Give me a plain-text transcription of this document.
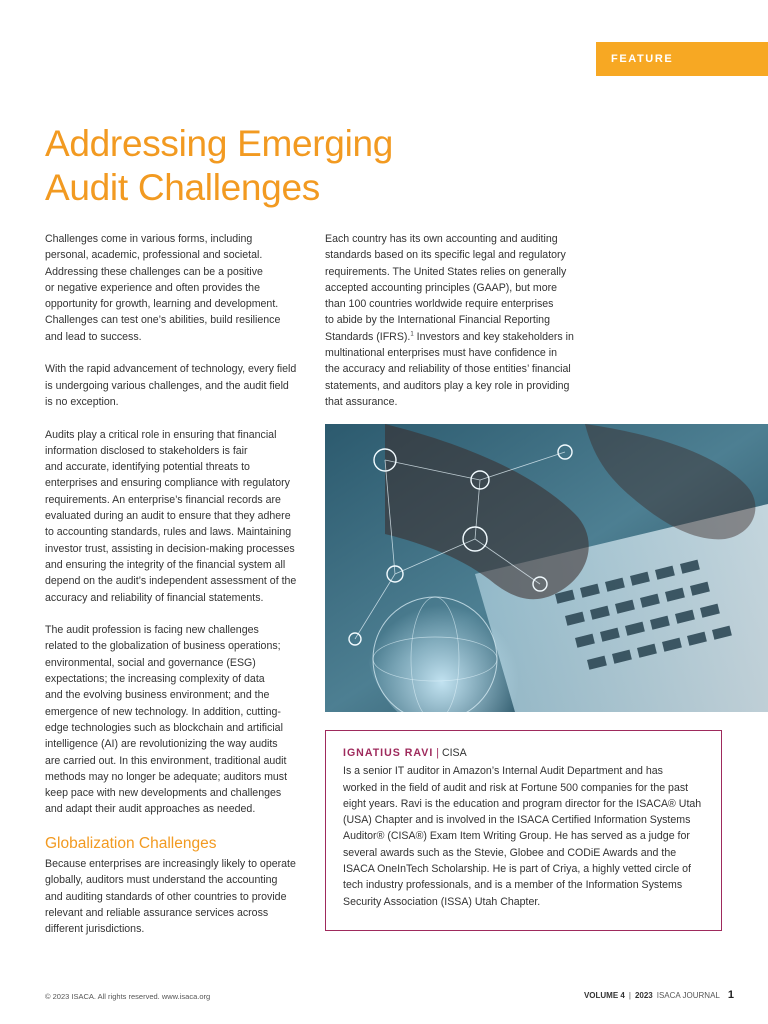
FEATURE
Addressing Emerging
Audit Challenges

Challenges come in various forms, including
personal, academic, professional and societal.
Addressing these challenges can be a positive
or negative experience and often provides the
opportunity for growth, learning and development.
Challenges can test one’s abilities, build resilience
and lead to success.

With the rapid advancement of technology, every field
is undergoing various challenges, and the audit field
is no exception.

Audits play a critical role in ensuring that financial
information disclosed to stakeholders is fair
and accurate, identifying potential threats to
enterprises and ensuring compliance with regulatory
requirements. An enterprise’s financial records are
evaluated during an audit to ensure that they adhere
to accounting standards, rules and laws. Maintaining
investor trust, assisting in decision-making processes
and ensuring the integrity of the financial system all
depend on the audit’s independent assessment of the
accuracy and reliability of financial statements.

The audit profession is facing new challenges
related to the globalization of business operations;
environmental, social and governance (ESG)
expectations; the increasing complexity of data
and the evolving business environment; and the
emergence of new technology. In addition, cutting-
edge technologies such as blockchain and artificial
intelligence (AI) are revolutionizing the way audits
are carried out. In this environment, traditional audit
methods may no longer be adequate; auditors must
keep pace with new developments and challenges
and adapt their audit approaches as needed.

Globalization Challenges

Because enterprises are increasingly likely to operate
globally, auditors must understand the accounting
and auditing standards of other countries to provide
relevant and reliable assurance services across
different jurisdictions.

Each country has its own accounting and auditing
standards based on its specific legal and regulatory
requirements. The United States relies on generally
accepted accounting principles (GAAP), but more
than 100 countries worldwide require enterprises
to abide by the International Financial Reporting
Standards (IFRS).$^1$ Investors and key stakeholders in
multinational enterprises must have confidence in
the accuracy and reliability of those entities’ financial
statements, and auditors play a key role in providing
that assurance.

IGNATIUS RAVI | CISA
Is a senior IT auditor in Amazon’s Internal Audit Department and has
worked in the field of audit and risk at Fortune 500 companies for the past
eight years. Ravi is the education and program director for the ISACA® Utah
(USA) Chapter and is involved in the ISACA Certified Information Systems
Auditor® (CISA®) Exam Item Writing Group. He has served as a judge for
several awards such as the Stevie, Globee and CODiE Awards and the
ISACA OneInTech Scholarship. He is part of Criya, a highly vetted circle of
tech industry professionals, and is a member of the Information Systems
Security Association (ISSA) Utah Chapter.
© 2023 ISACA. All rights reserved. www.isaca.org	VOLUME 4 | 2023 ISACA JOURNAL 1
